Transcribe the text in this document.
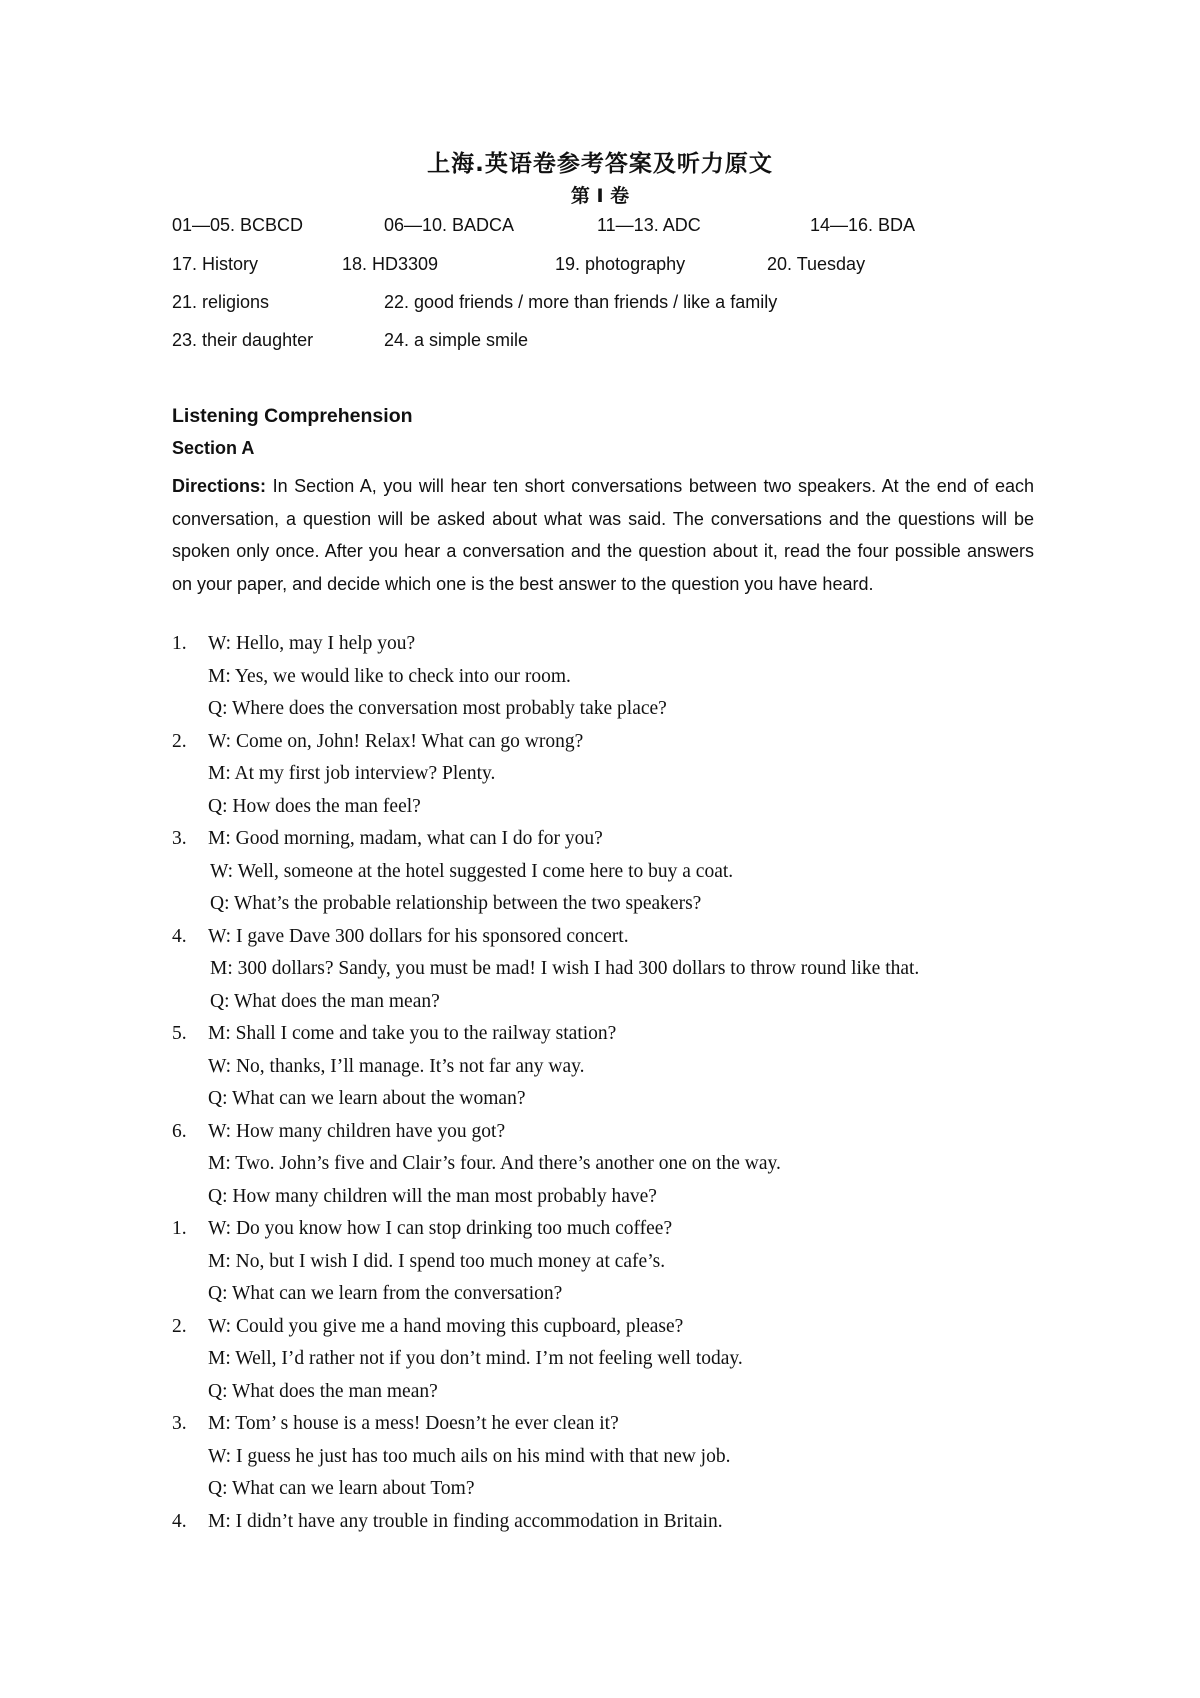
上海.英语卷参考答案及听力原文
第 I 卷
01—05. BCBCD	06—10. BADCA	11—13. ADC	14—16. BDA
17. History	18. HD3309	19. photography	20. Tuesday
21. religions	22. good friends / more than friends / like a family
23. their daughter	24. a simple smile
Listening Comprehension
Section A
Directions: In Section A, you will hear ten short conversations between two speakers. At the end of each conversation, a question will be asked about what was said. The conversations and the questions will be spoken only once. After you hear a conversation and the question about it, read the four possible answers on your paper, and decide which one is the best answer to the question you have heard.
1.	W: Hello, may I help you?
M: Yes, we would like to check into our room.
Q: Where does the conversation most probably take place?
2.	W: Come on, John! Relax! What can go wrong?
M: At my first job interview? Plenty.
Q: How does the man feel?
3.	M: Good morning, madam, what can I do for you?
W: Well, someone at the hotel suggested I come here to buy a coat.
Q: What’s the probable relationship between the two speakers?
4.	W: I gave Dave 300 dollars for his sponsored concert.
M: 300 dollars? Sandy, you must be mad! I wish I had 300 dollars to throw round like that.
Q: What does the man mean?
5.	M: Shall I come and take you to the railway station?
W: No, thanks, I’ll manage. It’s not far any way.
Q: What can we learn about the woman?
6.	W: How many children have you got?
M: Two. John’s five and Clair’s four. And there’s another one on the way.
Q: How many children will the man most probably have?
1.	W: Do you know how I can stop drinking too much coffee?
M: No, but I wish I did. I spend too much money at cafe’s.
Q: What can we learn from the conversation?
2.	W: Could you give me a hand moving this cupboard, please?
M: Well, I’d rather not if you don’t mind. I’m not feeling well today.
Q: What does the man mean?
3.	M: Tom’ s house is a mess! Doesn’t he ever clean it?
W: I guess he just has too much ails on his mind with that new job.
Q: What can we learn about Tom?
4.	M: I didn’t have any trouble in finding accommodation in Britain.
